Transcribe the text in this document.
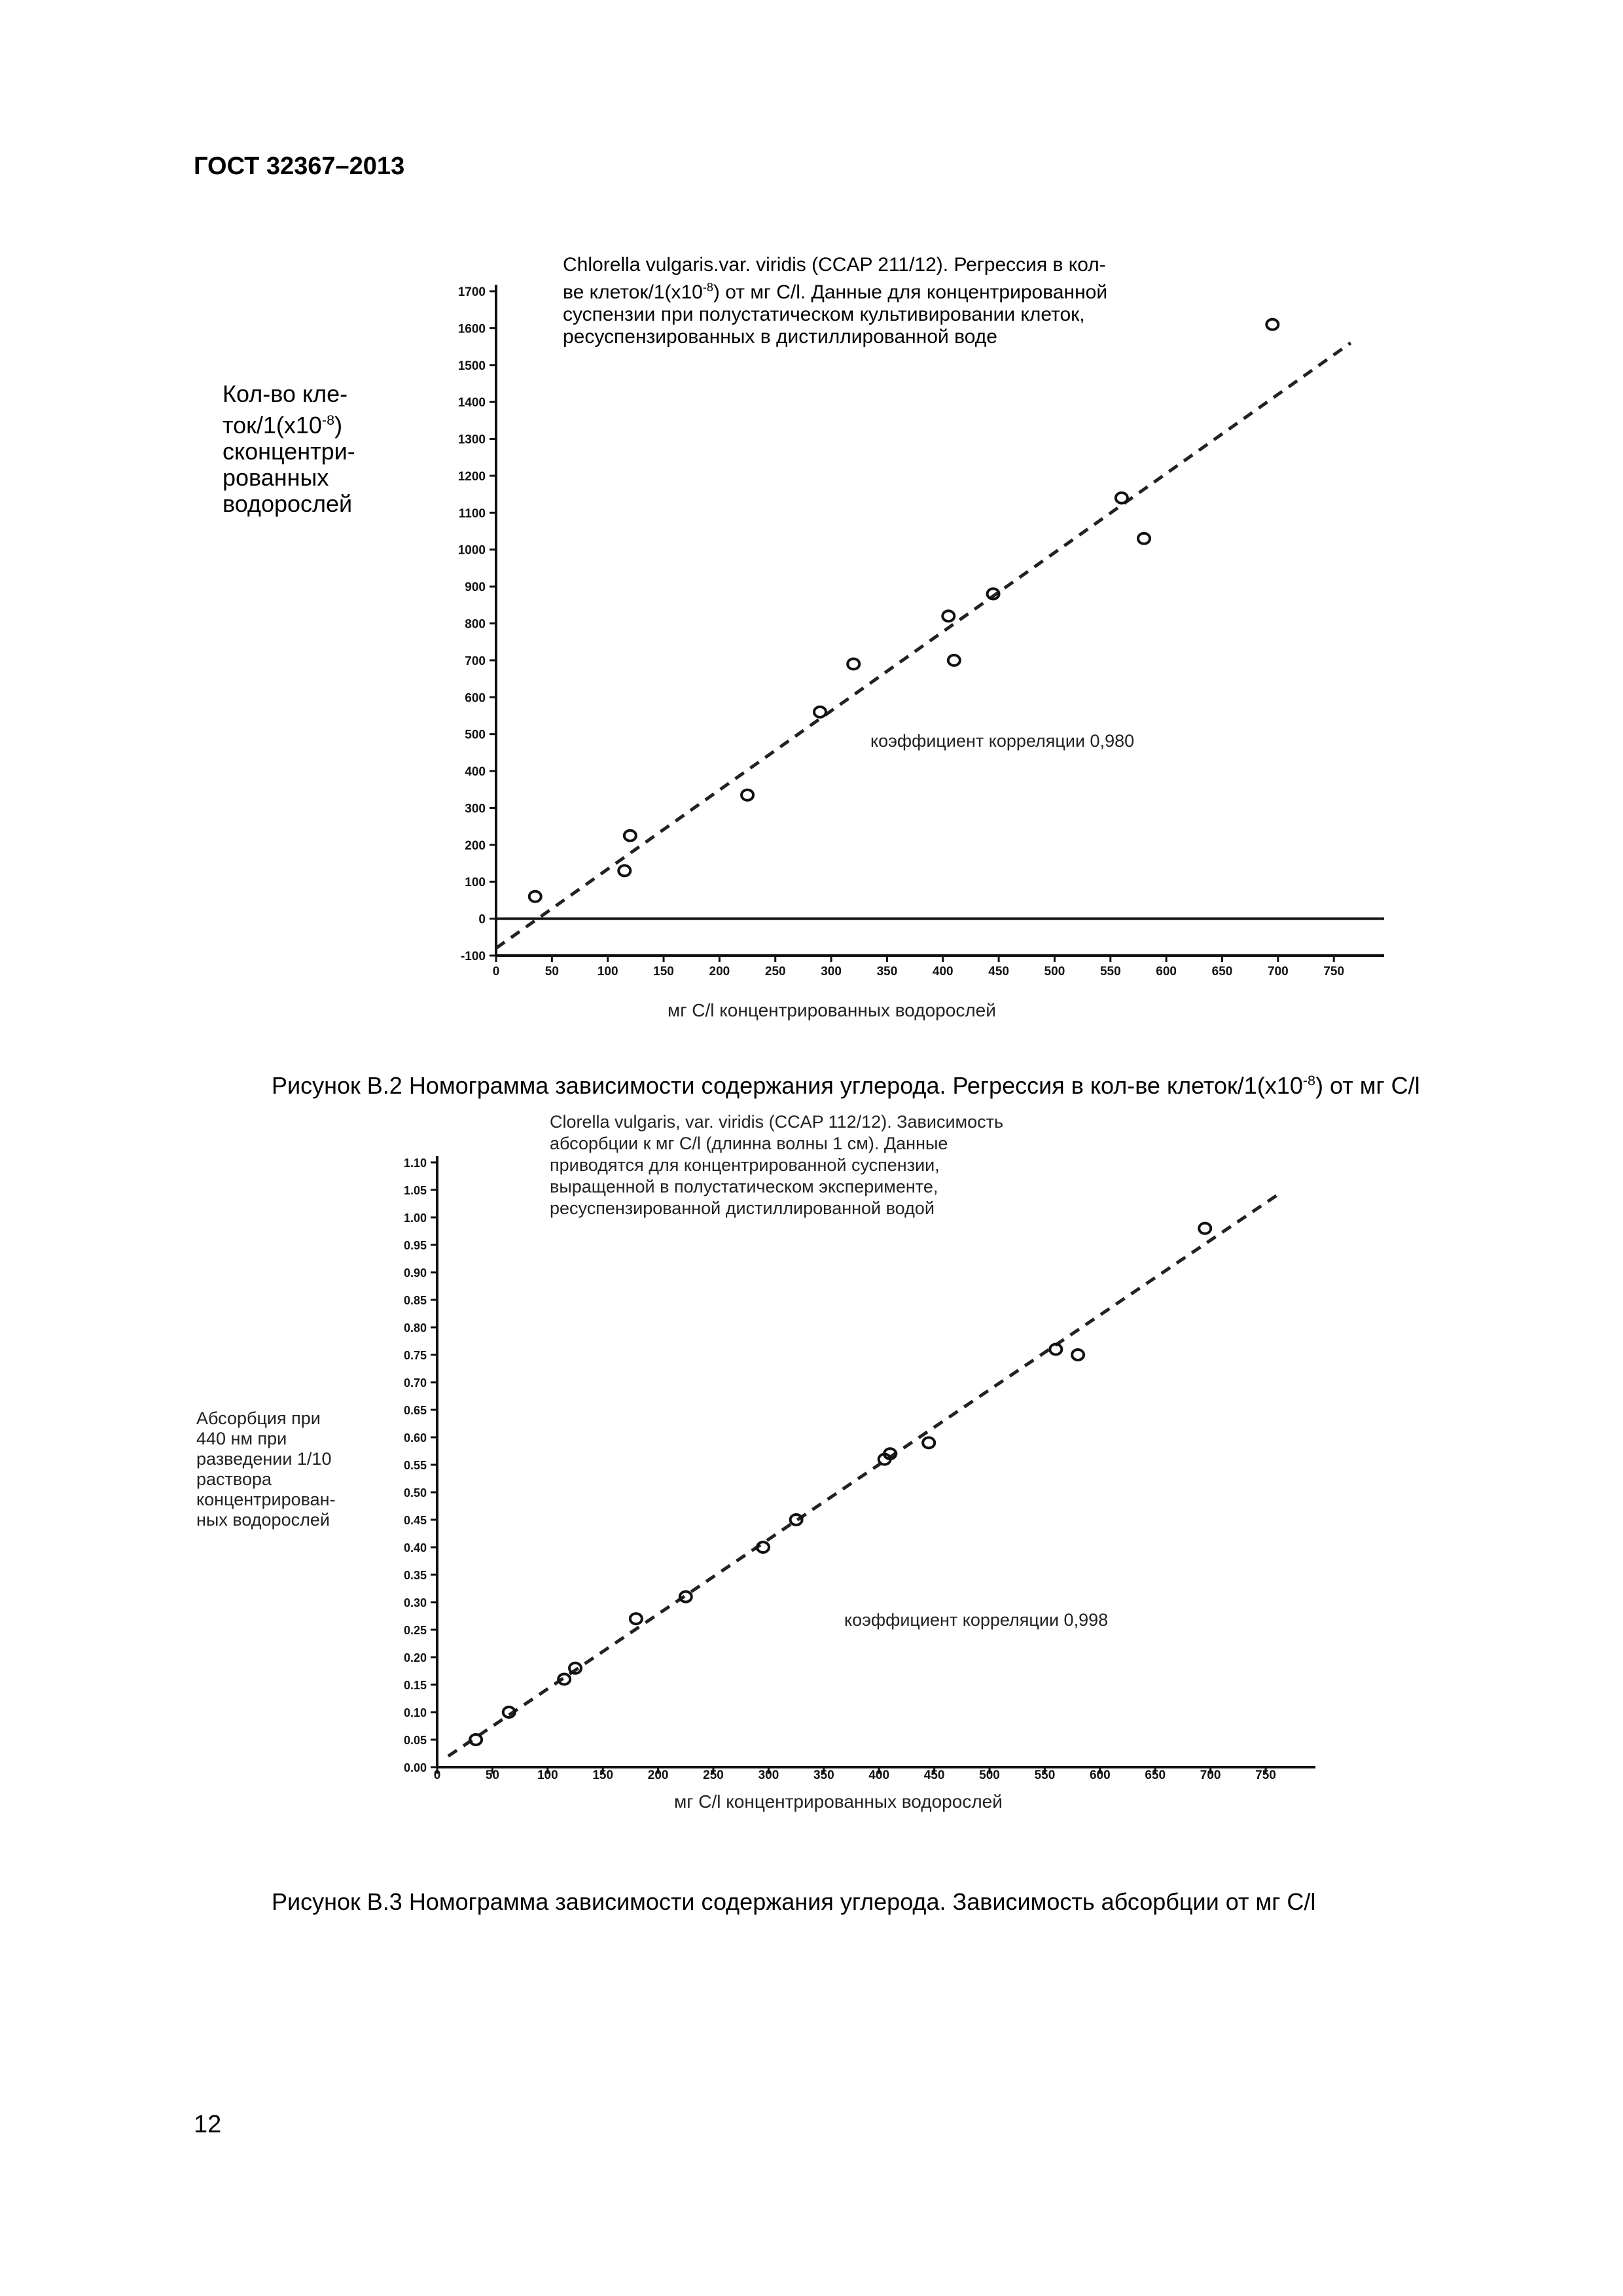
ГОСТ 32367–2013
Chlorella vulgaris.var. viridis (CCAP 211/12). Регрессия в кол-
ве клеток/$1(х10^{-8})$ от мг С/l. Данные для концентрированной
суспензии при полустатическом культивировании клеток,
ресуспензированных в дистиллированной воде
Кол-во кле-
ток/$1(х10^{-8})$
сконцентри-
рованных
водорослей
коэффициент корреляции 0,980
мг С/l концентрированных водорослей
Рисунок В.2 Номограмма зависимости содержания углерода. Регрессия в кол-ве клеток/$1(х10^{-8})$ от мг С/l
Clorella vulgaris, var. viridis (CCAP 112/12). Зависимость
абсорбции к мг С/l (длинна волны 1 см). Данные
приводятся для концентрированной суспензии,
выращенной в полустатическом эксперименте,
ресуспензированной дистиллированной водой
Абсорбция при
440 нм при
разведении 1/10
раствора
концентрирован-
ных водорослей
коэффициент корреляции 0,998
мг С/l концентрированных водорослей
Рисунок В.3 Номограмма зависимости содержания углерода. Зависимость абсорбции от мг С/l
12
-100
0
100
200
300
400
500
600
700
800
900
1000
1100
1200
1300
1400
1500
1600
1700
0	50	100	150	200	250	300	350	400	450	500	550	600	650	700	750
0.00
0.05
0.10
0.15
0.20
0.25
0.30
0.35
0.40
0.45
0.50
0.55
0.60
0.65
0.70
0.75
0.80
0.85
0.90
0.95
1.00
1.05
1.10
0	50	100	150	200	250	300	350	400	450	500	550	600	650	700	750
